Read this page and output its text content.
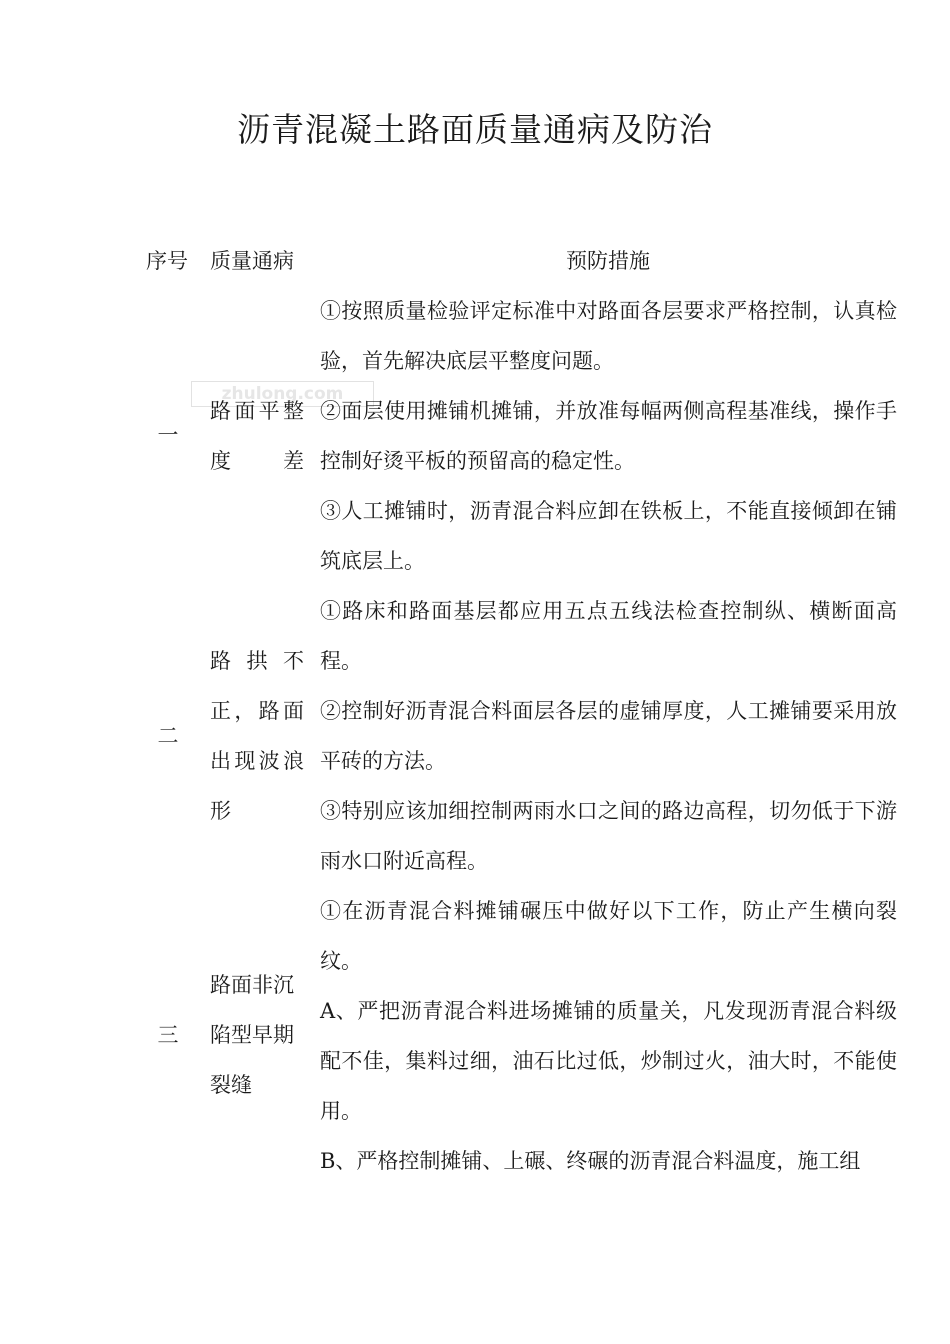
沥青混凝土路面质量通病及防治
序号 质量通病	预防措施
zhulong.com
一
路面平整度差

①按照质量检验评定标准中对路面各层要求严格控制，认真检验，首先解决底层平整度问题。

②面层使用摊铺机摊铺，并放准每幅两侧高程基准线，操作手控制好烫平板的预留高的稳定性。

③人工摊铺时，沥青混合料应卸在铁板上，不能直接倾卸在铺筑底层上。

二
路拱不正，路面出现波浪形

①路床和路面基层都应用五点五线法检查控制纵、横断面高程。

②控制好沥青混合料面层各层的虚铺厚度，人工摊铺要采用放平砖的方法。

③特别应该加细控制两雨水口之间的路边高程，切勿低于下游雨水口附近高程。

三
路面非沉陷型早期裂缝

①在沥青混合料摊铺碾压中做好以下工作，防止产生横向裂纹。

A、严把沥青混合料进场摊铺的质量关，凡发现沥青混合料级配不佳，集料过细，油石比过低，炒制过火，油大时，不能使用。

B、严格控制摊铺、上碾、终碾的沥青混合料温度，施工组
